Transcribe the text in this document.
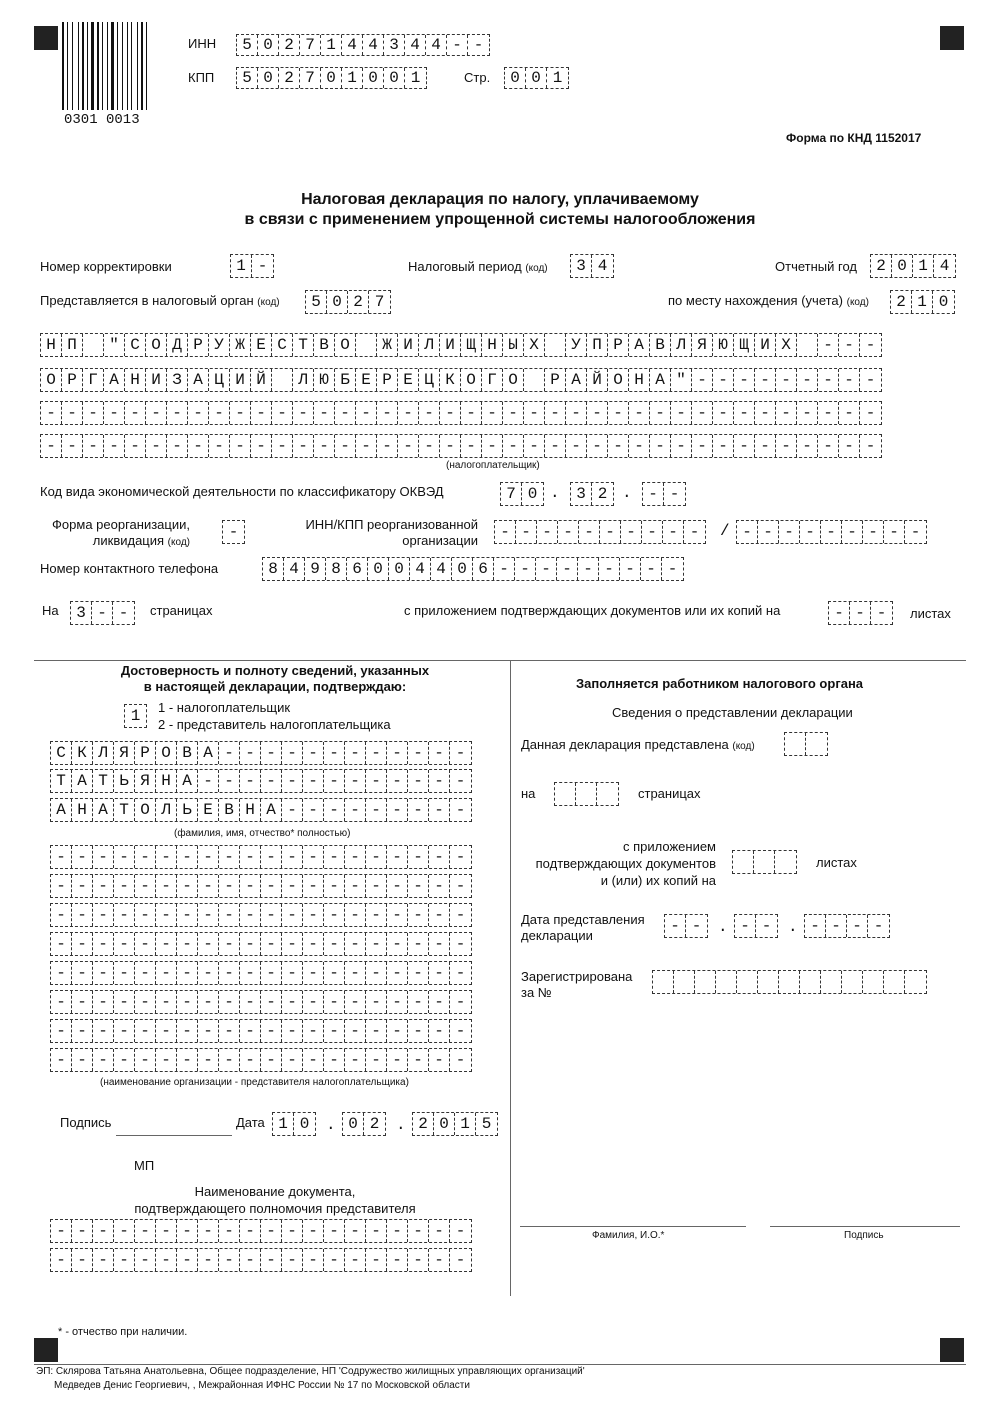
0301 0013
ИНН	5 0 2 7 1 4 4 3 4 4 - -
КПП	5 0 2 7 0 1 0 0 1	Стр.	0 0 1
Форма по КНД 1152017
Налоговая декларация по налогу, уплачиваемому
в связи с применением упрощенной системы налогообложения
Номер корректировки	1 -	Налоговый период (код)	3 4	Отчетный год	2 0 1 4
Представляется в налоговый орган (код)	5 0 2 7	по месту нахождения (учета) (код)	2 1 0
Н П	" С О Д Р У Ж Е С Т В О	Ж И Л И Щ Н Ы Х	У П Р А В Л Я Ю Щ И Х	- - -
О Р Г А Н И З А Ц И Й	Л Ю Б Е Р Е Ц К О Г О	Р А Й О Н А " - - - - - - - - -
- - - - - - - - - - - - - - - - - - - - - - - - - - - - - - - - - - - - - - - -
- - - - - - - - - - - - - - - - - - - - - - - - - - - - - - - - - - - - - - - -
(налогоплательщик)
Код вида экономической деятельности по классификатору ОКВЭД	7 0 .	3 2 .	- -
Форма реорганизации,
ликвидация (код)
-	ИНН/КПП реорганизованной
организации	- - - - - - - - - -	/ - - - - - - - - -
Номер контактного телефона	8 4 9 8 6 0 0 4 4 0 6 - - - - - - - - -
На	3 - -	страницах	с приложением подтверждающих документов или их копий на	- - -	листах
Достоверность и полноту сведений, указанных
в настоящей декларации, подтверждаю:
1	1 - налогоплательщик
2 - представитель налогоплательщика
С К Л Я Р О В А - - - - - - - - - - - -
Т А Т Ь Я Н А - - - - - - - - - - - - -
А Н А Т О Л Ь Е В Н А - - - - - - - - -
(фамилия, имя, отчество* полностью)
- - - - - - - - - - - - - - - - - - - -
- - - - - - - - - - - - - - - - - - - -
- - - - - - - - - - - - - - - - - - - -
- - - - - - - - - - - - - - - - - - - -
- - - - - - - - - - - - - - - - - - - -
- - - - - - - - - - - - - - - - - - - -
- - - - - - - - - - - - - - - - - - - -
- - - - - - - - - - - - - - - - - - - -
(наименование организации - представителя налогоплательщика)
Подпись	Дата 1 0	. 0 2	. 2 0 1 5
МП
Наименование документа,
подтверждающего полномочия представителя
- - - - - - - - - - - - - - - - - - - -
- - - - - - - - - - - - - - - - - - - -
Заполняется работником налогового органа
Сведения о представлении декларации
Данная декларация представлена (код)
на	страницах
с приложением
подтверждающих документов
и (или) их копий на
листах
Дата представления
декларации
- -	. - -	. - - - -
Зарегистрирована
за №
Фамилия, И.О.*	Подпись
* - отчество при наличии.
ЭП: Склярова Татьяна Анатольевна, Общее подразделение, НП 'Содружество жилищных управляющих организаций'
Медведев Денис Георгиевич, , Межрайонная ИФНС России № 17 по Московской области
